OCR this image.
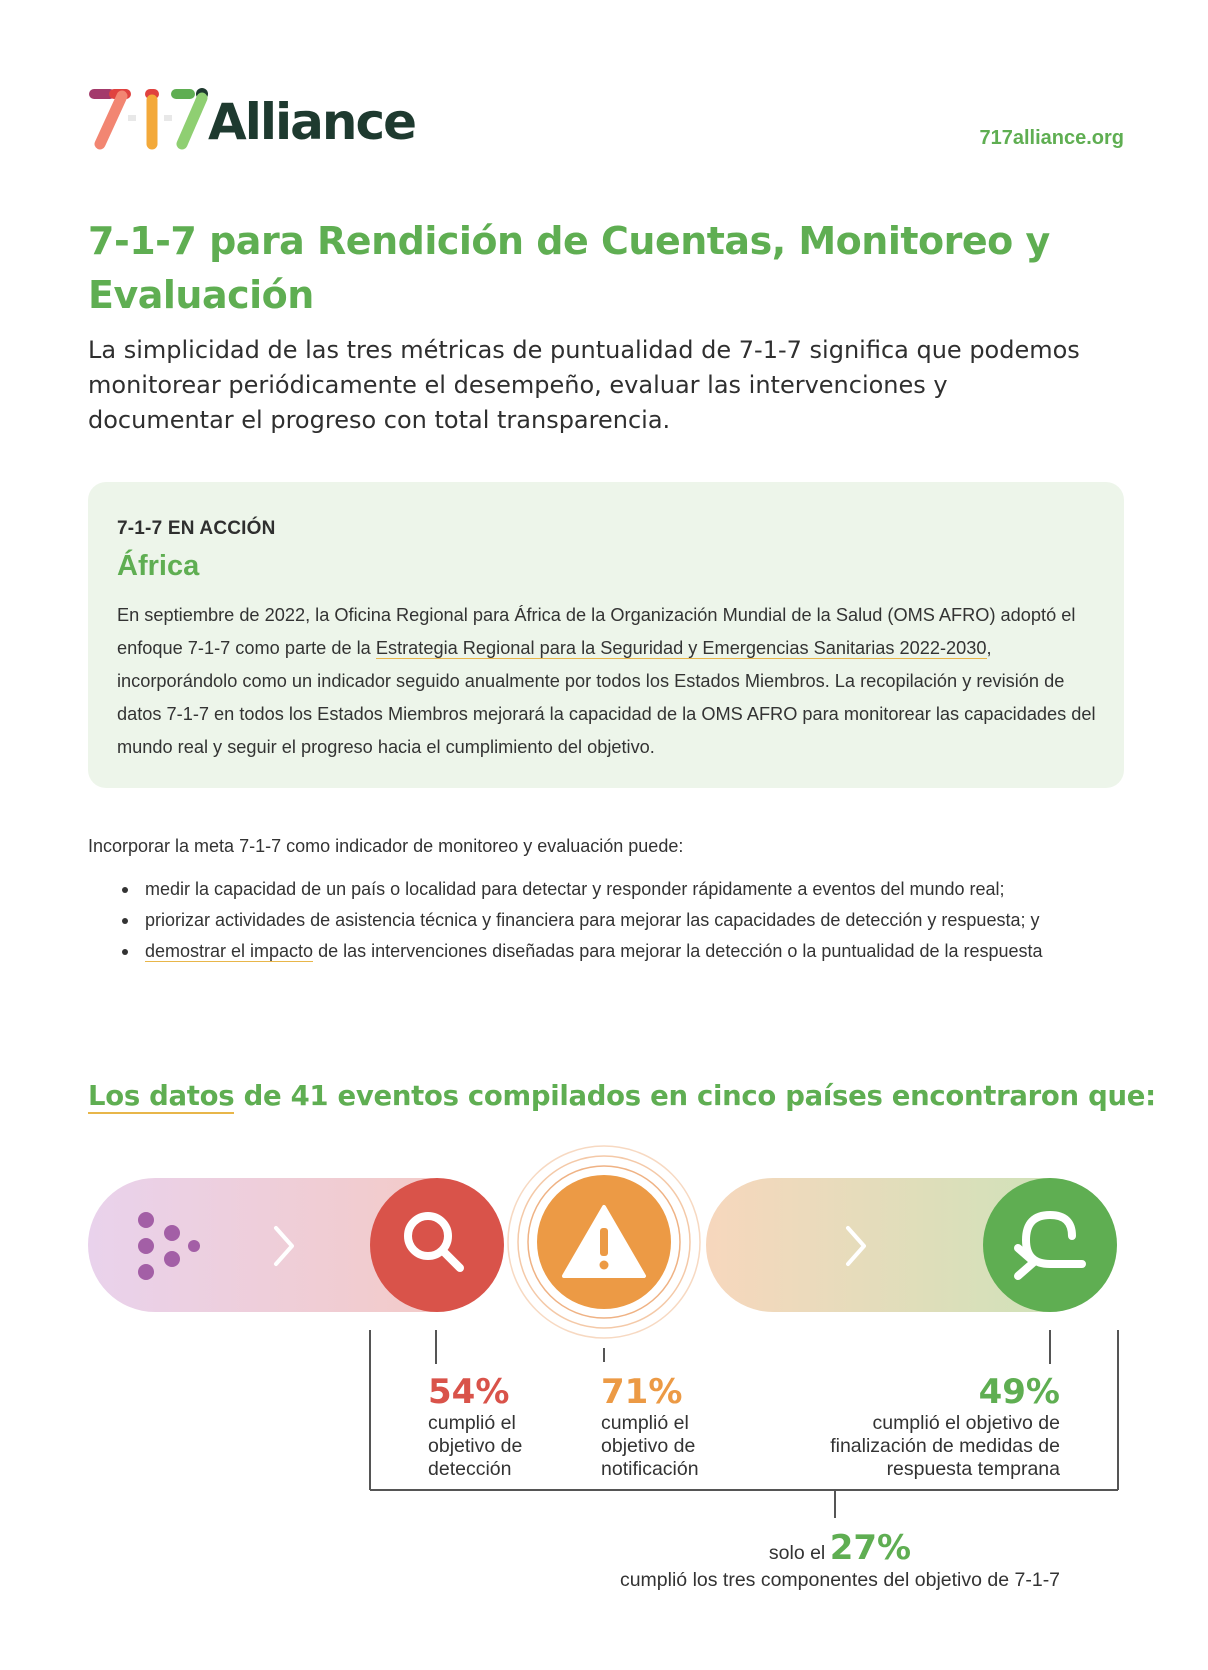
Alliance	717alliance.org
7-1-7 para Rendición de Cuentas, Monitoreo y Evaluación
La simplicidad de las tres métricas de puntualidad de 7-1-7 significa que podemos monitorear periódicamente el desempeño, evaluar las intervenciones y documentar el progreso con total transparencia.
7-1-7 EN ACCIÓN
África
En septiembre de 2022, la Oficina Regional para África de la Organización Mundial de la Salud (OMS AFRO) adoptó el enfoque 7-1-7 como parte de la Estrategia Regional para la Seguridad y Emergencias Sanitarias 2022-2030, incorporándolo como un indicador seguido anualmente por todos los Estados Miembros. La recopilación y revisión de datos 7-1-7 en todos los Estados Miembros mejorará la capacidad de la OMS AFRO para monitorear las capacidades del mundo real y seguir el progreso hacia el cumplimiento del objetivo.
Incorporar la meta 7-1-7 como indicador de monitoreo y evaluación puede:
medir la capacidad de un país o localidad para detectar y responder rápidamente a eventos del mundo real;
priorizar actividades de asistencia técnica y financiera para mejorar las capacidades de detección y respuesta; y
demostrar el impacto de las intervenciones diseñadas para mejorar la detección o la puntualidad de la respuesta
Los datos de 41 eventos compilados en cinco países encontraron que:
54%
cumplió el objetivo de detección
71%
cumplió el objetivo de notificación
49%
cumplió el objetivo de finalización de medidas de respuesta temprana
solo el 27%
cumplió los tres componentes del objetivo de 7-1-7
